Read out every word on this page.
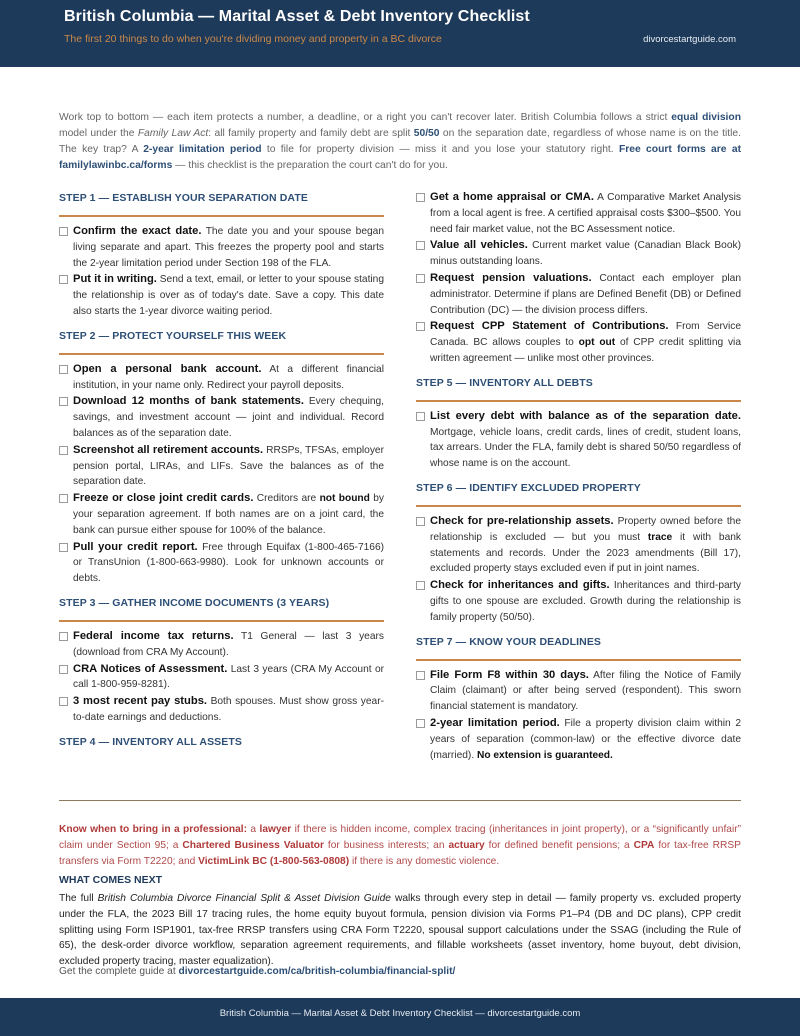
British Columbia — Marital Asset & Debt Inventory Checklist
The first 20 things to do when you're dividing money and property in a BC divorce	divorcestartguide.com
Work top to bottom — each item protects a number, a deadline, or a right you can't recover later. British Columbia follows a strict equal division model under the Family Law Act: all family property and family debt are split 50/50 on the separation date, regardless of whose name is on the title. The key trap? A 2-year limitation period to file for property division — miss it and you lose your statutory right. Free court forms are at familylawinbc.ca/forms — this checklist is the preparation the court can't do for you.
STEP 1 — ESTABLISH YOUR SEPARATION DATE
Confirm the exact date. The date you and your spouse began living separate and apart. This freezes the property pool and starts the 2-year limitation period under Section 198 of the FLA.
Put it in writing. Send a text, email, or letter to your spouse stating the relationship is over as of today's date. Save a copy. This date also starts the 1-year divorce waiting period.
STEP 2 — PROTECT YOURSELF THIS WEEK
Open a personal bank account. At a different financial institution, in your name only. Redirect your payroll deposits.
Download 12 months of bank statements. Every chequing, savings, and investment account — joint and individual. Record balances as of the separation date.
Screenshot all retirement accounts. RRSPs, TFSAs, employer pension portal, LIRAs, and LIFs. Save the balances as of the separation date.
Freeze or close joint credit cards. Creditors are not bound by your separation agreement. If both names are on a joint card, the bank can pursue either spouse for 100% of the balance.
Pull your credit report. Free through Equifax (1-800-465-7166) or TransUnion (1-800-663-9980). Look for unknown accounts or debts.
STEP 3 — GATHER INCOME DOCUMENTS (3 YEARS)
Federal income tax returns. T1 General — last 3 years (download from CRA My Account).
CRA Notices of Assessment. Last 3 years (CRA My Account or call 1-800-959-8281).
3 most recent pay stubs. Both spouses. Must show gross year-to-date earnings and deductions.
STEP 4 — INVENTORY ALL ASSETS
Get a home appraisal or CMA. A Comparative Market Analysis from a local agent is free. A certified appraisal costs $300–$500. You need fair market value, not the BC Assessment notice.
Value all vehicles. Current market value (Canadian Black Book) minus outstanding loans.
Request pension valuations. Contact each employer plan administrator. Determine if plans are Defined Benefit (DB) or Defined Contribution (DC) — the division process differs.
Request CPP Statement of Contributions. From Service Canada. BC allows couples to opt out of CPP credit splitting via written agreement — unlike most other provinces.
STEP 5 — INVENTORY ALL DEBTS
List every debt with balance as of the separation date. Mortgage, vehicle loans, credit cards, lines of credit, student loans, tax arrears. Under the FLA, family debt is shared 50/50 regardless of whose name is on the account.
STEP 6 — IDENTIFY EXCLUDED PROPERTY
Check for pre-relationship assets. Property owned before the relationship is excluded — but you must trace it with bank statements and records. Under the 2023 amendments (Bill 17), excluded property stays excluded even if put in joint names.
Check for inheritances and gifts. Inheritances and third-party gifts to one spouse are excluded. Growth during the relationship is family property (50/50).
STEP 7 — KNOW YOUR DEADLINES
File Form F8 within 30 days. After filing the Notice of Family Claim (claimant) or after being served (respondent). This sworn financial statement is mandatory.
2-year limitation period. File a property division claim within 2 years of separation (common-law) or the effective divorce date (married). No extension is guaranteed.
Know when to bring in a professional: a lawyer if there is hidden income, complex tracing (inheritances in joint property), or a “significantly unfair” claim under Section 95; a Chartered Business Valuator for business interests; an actuary for defined benefit pensions; a CPA for tax-free RRSP transfers via Form T2220; and VictimLink BC (1-800-563-0808) if there is any domestic violence.
WHAT COMES NEXT
The full British Columbia Divorce Financial Split & Asset Division Guide walks through every step in detail — family property vs. excluded property under the FLA, the 2023 Bill 17 tracing rules, the home equity buyout formula, pension division via Forms P1–P4 (DB and DC plans), CPP credit splitting using Form ISP1901, tax-free RRSP transfers using CRA Form T2220, spousal support calculations under the SSAG (including the Rule of 65), the desk-order divorce workflow, separation agreement requirements, and fillable worksheets (asset inventory, home buyout, debt division, excluded property tracing, master equalization).
Get the complete guide at divorcestartguide.com/ca/british-columbia/financial-split/
British Columbia — Marital Asset & Debt Inventory Checklist — divorcestartguide.com
